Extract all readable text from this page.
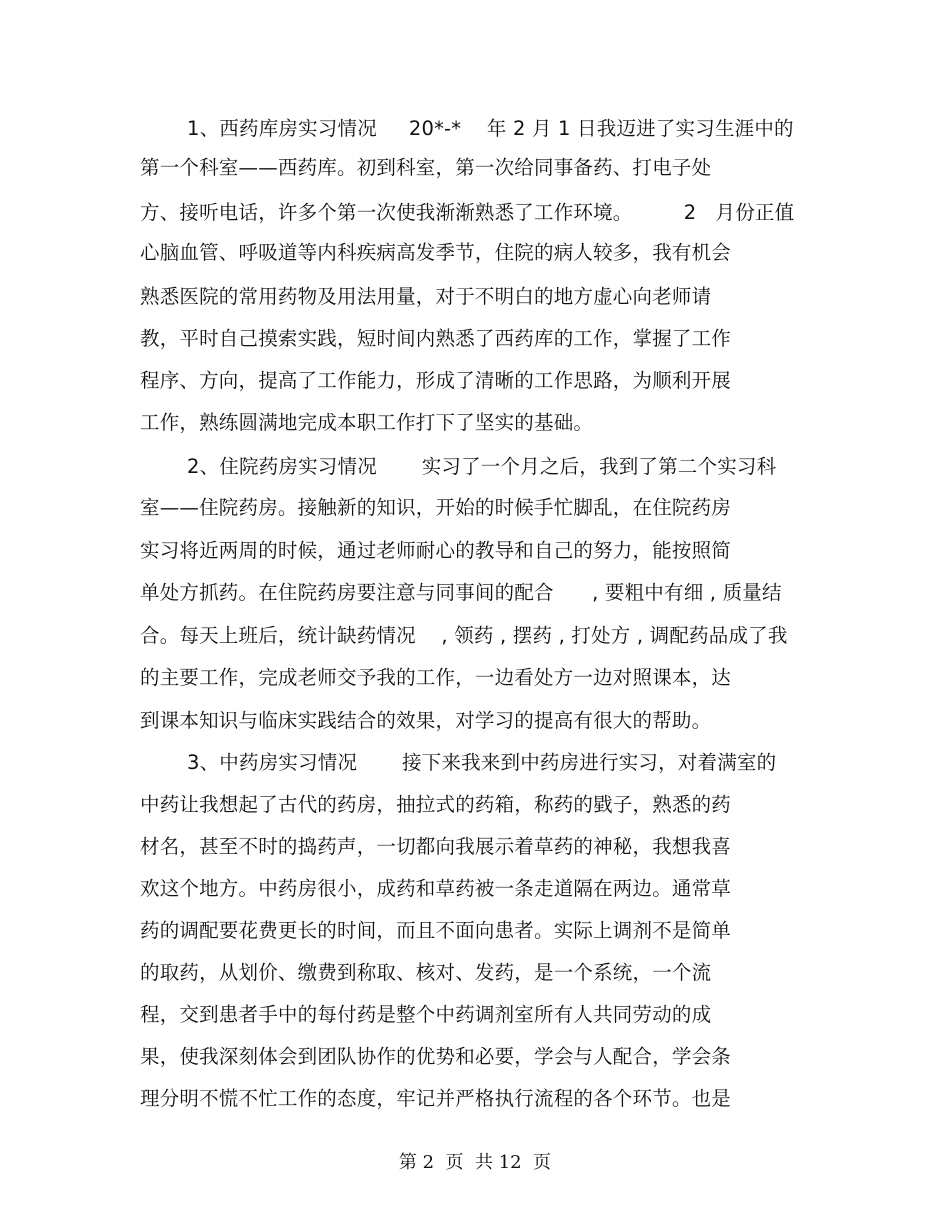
1、西药库房实习情况     20*-*    年 2 月 1 日我迈进了实习生涯中的
第一个科室——西药库。初到科室，第一次给同事备药、打电子处
方、接听电话，许多个第一次使我渐渐熟悉了工作环境。        2   月份正值
心脑血管、呼吸道等内科疾病高发季节，住院的病人较多，我有机会
熟悉医院的常用药物及用法用量，对于不明白的地方虚心向老师请
教，平时自己摸索实践，短时间内熟悉了西药库的工作，掌握了工作
程序、方向，提高了工作能力，形成了清晰的工作思路，为顺利开展
工作，熟练圆满地完成本职工作打下了坚实的基础。
2、住院药房实习情况       实习了一个月之后，我到了第二个实习科
室——住院药房。接触新的知识，开始的时候手忙脚乱，在住院药房
实习将近两周的时候，通过老师耐心的教导和自己的努力，能按照简
单处方抓药。在住院药房要注意与同事间的配合      , 要粗中有细 , 质量结
合。每天上班后，统计缺药情况    , 领药 , 摆药 , 打处方 , 调配药品成了我
的主要工作，完成老师交予我的工作，一边看处方一边对照课本，达
到课本知识与临床实践结合的效果，对学习的提高有很大的帮助。
3、中药房实习情况       接下来我来到中药房进行实习，对着满室的
中药让我想起了古代的药房，抽拉式的药箱，称药的戥子，熟悉的药
材名，甚至不时的捣药声，一切都向我展示着草药的神秘，我想我喜
欢这个地方。中药房很小，成药和草药被一条走道隔在两边。通常草
药的调配要花费更长的时间，而且不面向患者。实际上调剂不是简单
的取药，从划价、缴费到称取、核对、发药，是一个系统，一个流
程，交到患者手中的每付药是整个中药调剂室所有人共同劳动的成
果，使我深刻体会到团队协作的优势和必要，学会与人配合，学会条
理分明不慌不忙工作的态度，牢记并严格执行流程的各个环节。也是
第 2  页  共 12  页
